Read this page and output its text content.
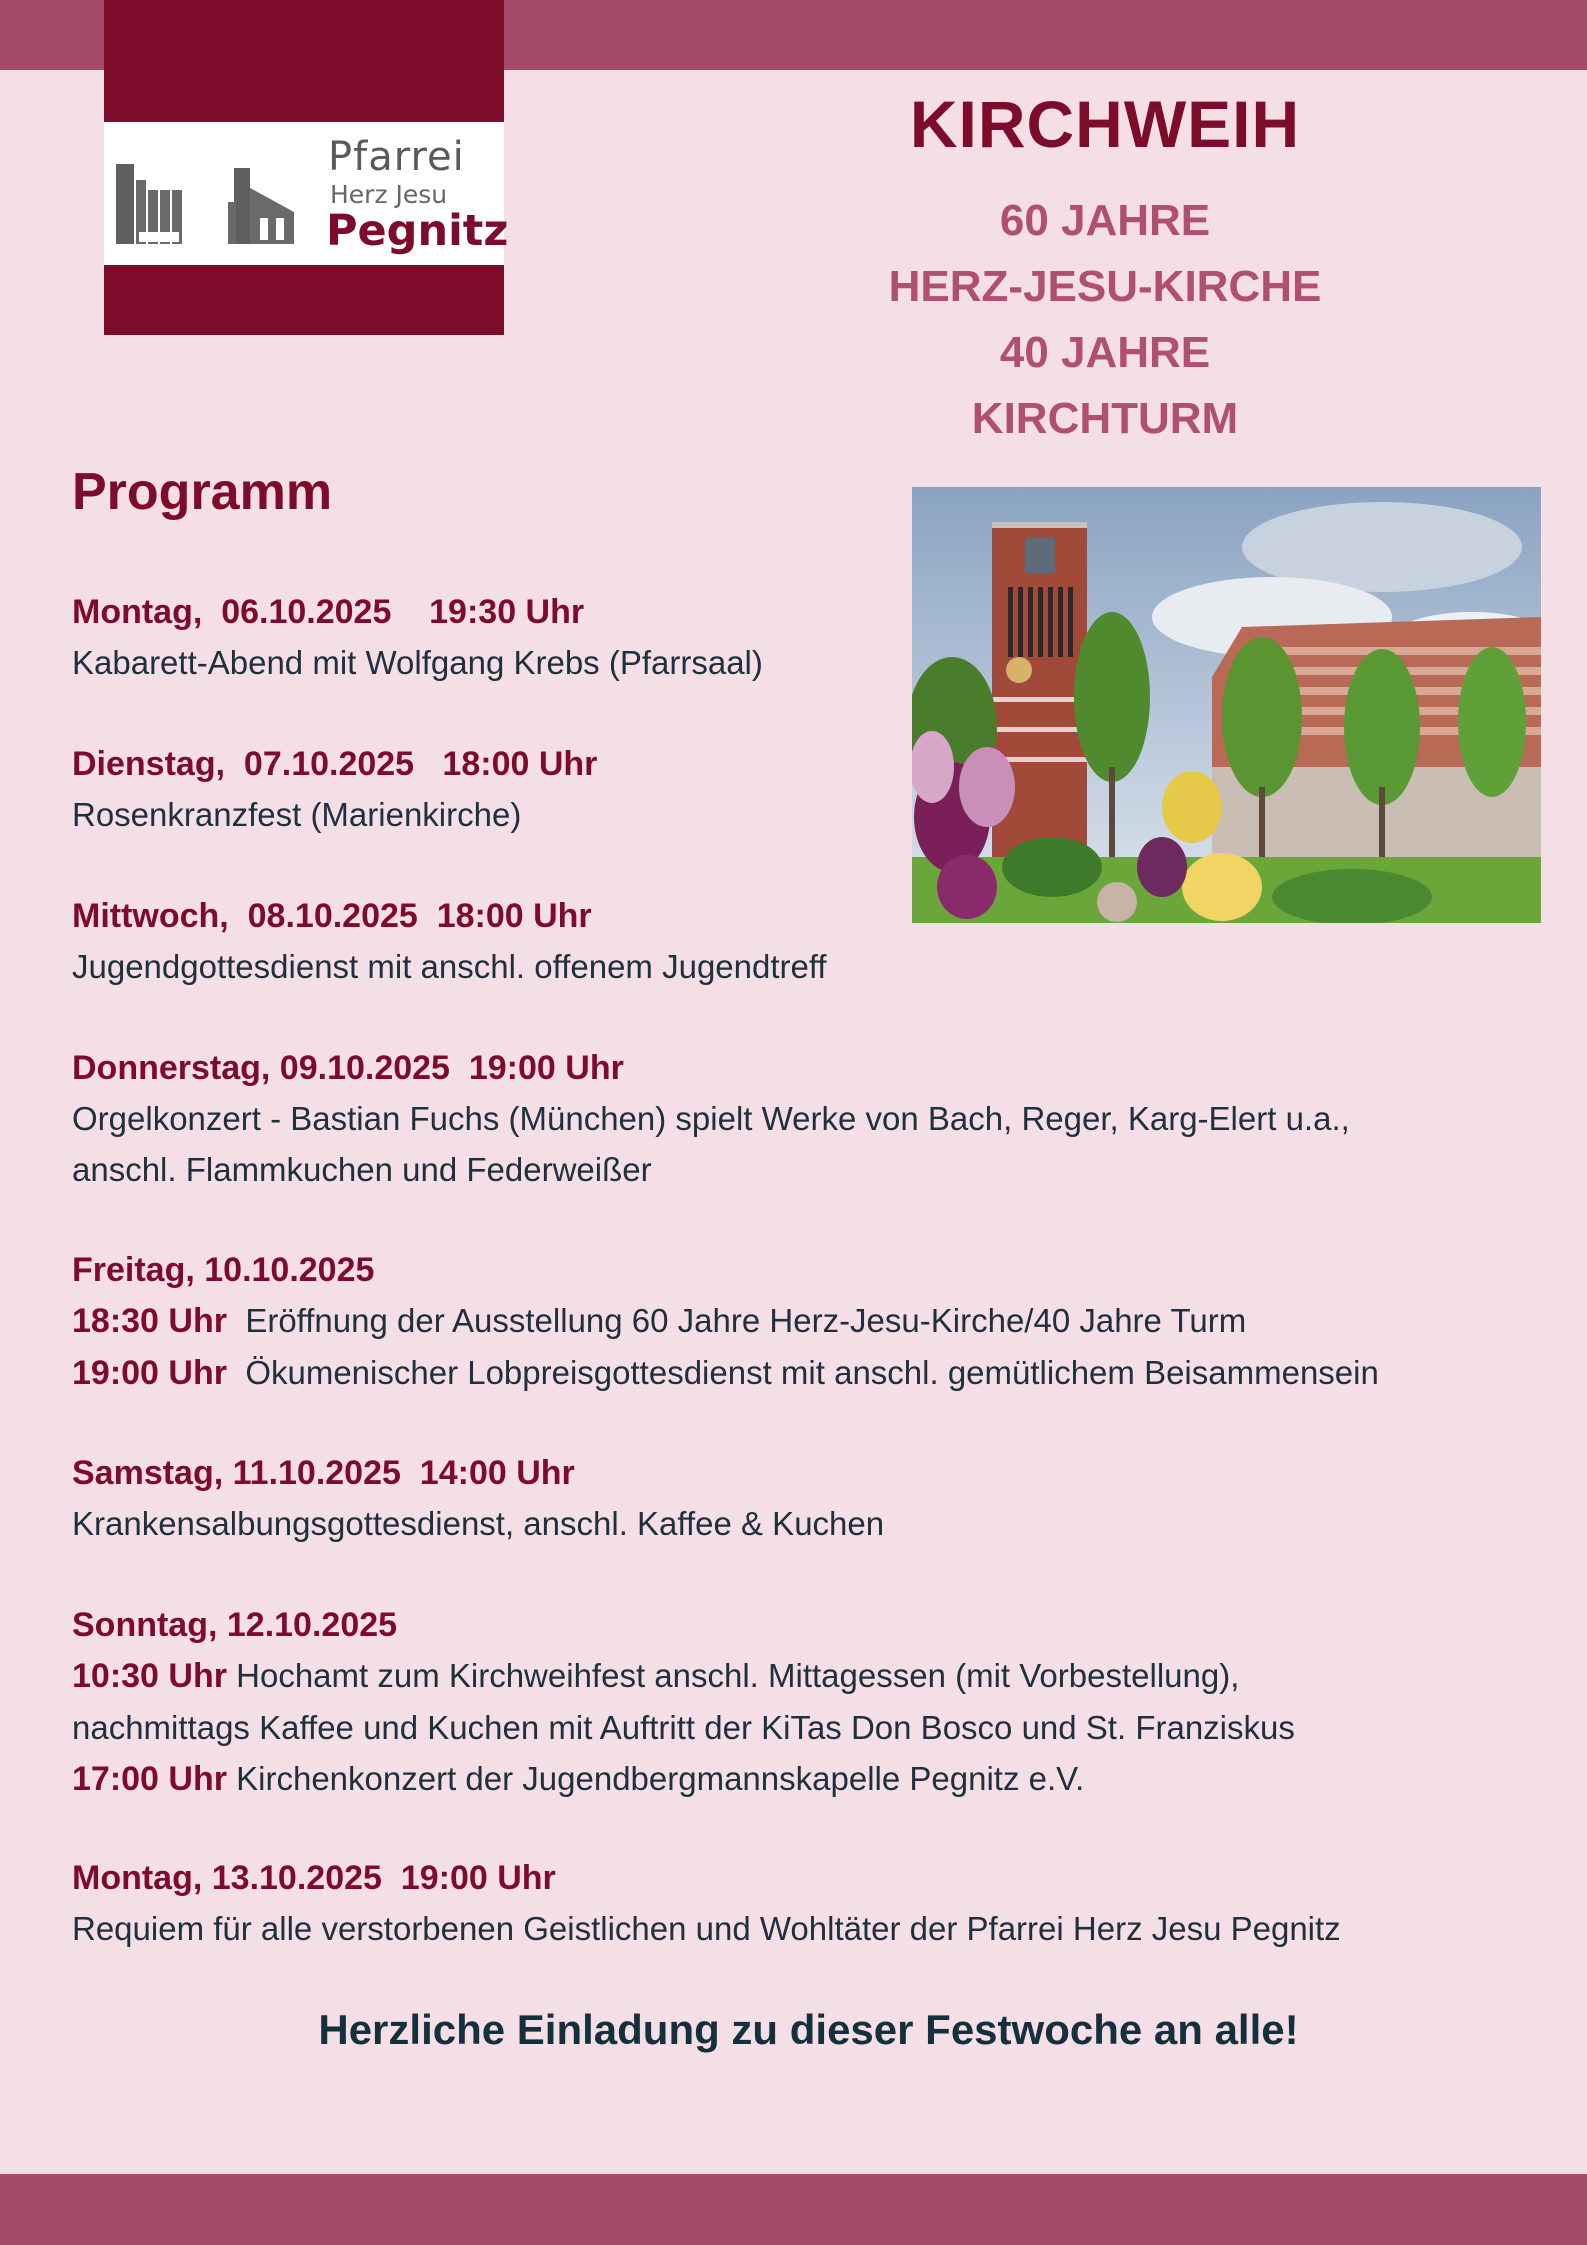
Pfarrei
Herz Jesu
Pegnitz
KIRCHWEIH
60 JAHRE
HERZ-JESU-KIRCHE
40 JAHRE
KIRCHTURM
Programm
Montag,  06.10.2025    19:30 Uhr
Kabarett-Abend mit Wolfgang Krebs (Pfarrsaal)
Dienstag,  07.10.2025   18:00 Uhr
Rosenkranzfest (Marienkirche)
Mittwoch,  08.10.2025  18:00 Uhr
Jugendgottesdienst mit anschl. offenem Jugendtreff
Donnerstag, 09.10.2025  19:00 Uhr
Orgelkonzert - Bastian Fuchs (München) spielt Werke von Bach, Reger, Karg-Elert u.a.,
anschl. Flammkuchen und Federweißer
Freitag, 10.10.2025
18:30 Uhr Eröffnung der Ausstellung 60 Jahre Herz-Jesu-Kirche/40 Jahre Turm
19:00 Uhr Ökumenischer Lobpreisgottesdienst mit anschl. gemütlichem Beisammensein
Samstag, 11.10.2025  14:00 Uhr
Krankensalbungsgottesdienst, anschl. Kaffee & Kuchen
Sonntag, 12.10.2025
10:30 Uhr Hochamt zum Kirchweihfest anschl. Mittagessen (mit Vorbestellung),
nachmittags Kaffee und Kuchen mit Auftritt der KiTas Don Bosco und St. Franziskus
17:00 Uhr Kirchenkonzert der Jugendbergmannskapelle Pegnitz e.V.
Montag, 13.10.2025  19:00 Uhr
Requiem für alle verstorbenen Geistlichen und Wohltäter der Pfarrei Herz Jesu Pegnitz
Herzliche Einladung zu dieser Festwoche an alle!
